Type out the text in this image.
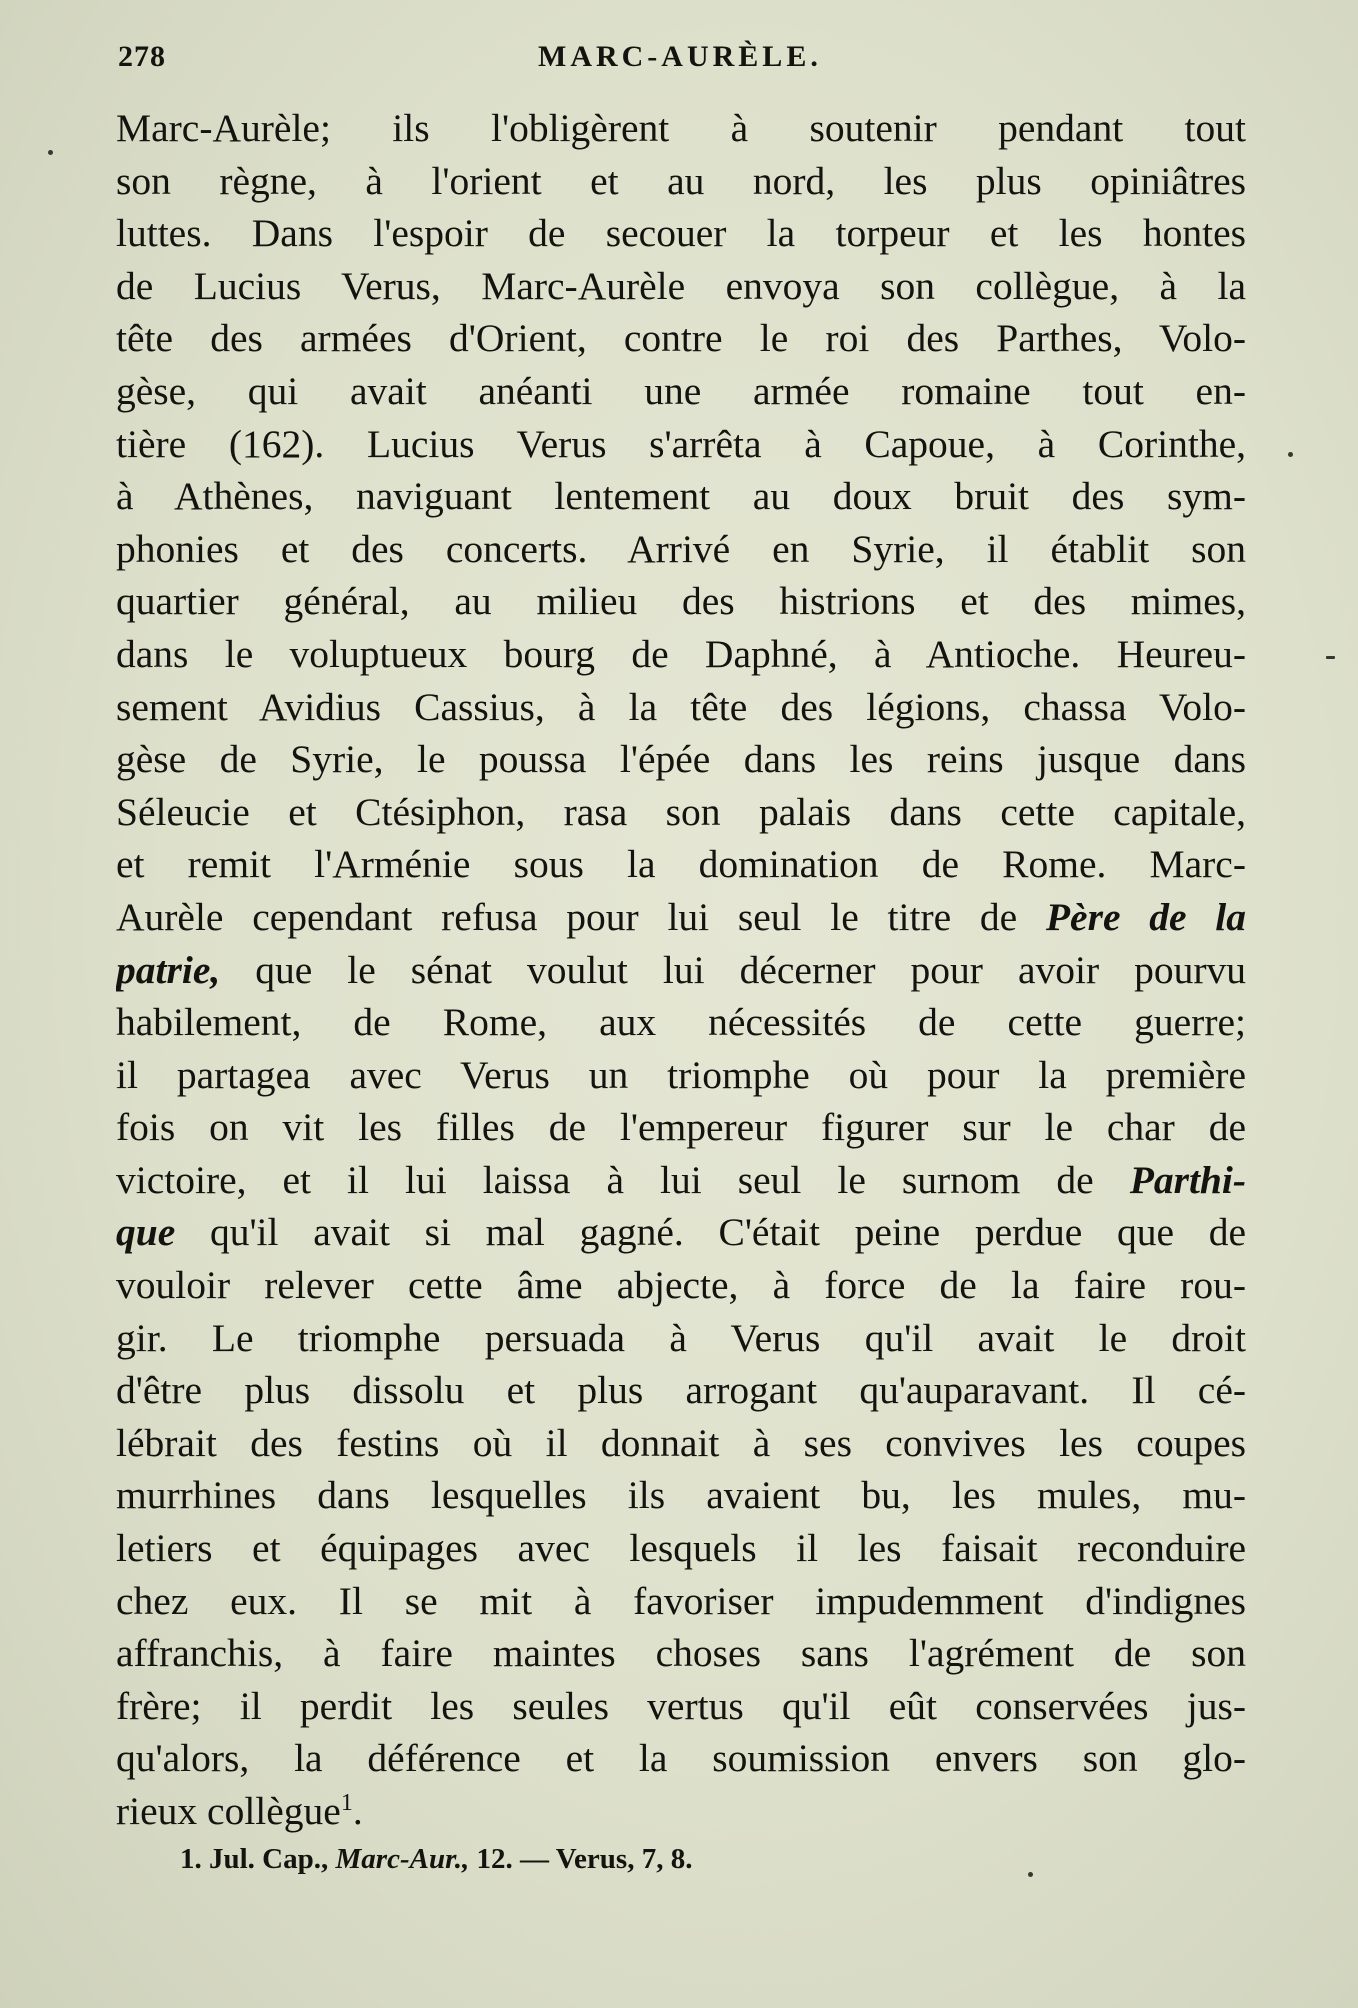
278	MARC-AURÈLE.
Marc-Aurèle; ils l'obligèrent à soutenir pendant tout
son règne, à l'orient et au nord, les plus opiniâtres
luttes. Dans l'espoir de secouer la torpeur et les hontes
de Lucius Verus, Marc-Aurèle envoya son collègue, à la
tête des armées d'Orient, contre le roi des Parthes, Volo-
gèse, qui avait anéanti une armée romaine tout en-
tière (162). Lucius Verus s'arrêta à Capoue, à Corinthe,
à Athènes, naviguant lentement au doux bruit des sym-
phonies et des concerts. Arrivé en Syrie, il établit son
quartier général, au milieu des histrions et des mimes,
dans le voluptueux bourg de Daphné, à Antioche. Heureu-
sement Avidius Cassius, à la tête des légions, chassa Volo-
gèse de Syrie, le poussa l'épée dans les reins jusque dans
Séleucie et Ctésiphon, rasa son palais dans cette capitale,
et remit l'Arménie sous la domination de Rome. Marc-
Aurèle cependant refusa pour lui seul le titre de Père de la
patrie, que le sénat voulut lui décerner pour avoir pourvu
habilement, de Rome, aux nécessités de cette guerre;
il partagea avec Verus un triomphe où pour la première
fois on vit les filles de l'empereur figurer sur le char de
victoire, et il lui laissa à lui seul le surnom de Parthi-
que qu'il avait si mal gagné. C'était peine perdue que de
vouloir relever cette âme abjecte, à force de la faire rou-
gir. Le triomphe persuada à Verus qu'il avait le droit
d'être plus dissolu et plus arrogant qu'auparavant. Il cé-
lébrait des festins où il donnait à ses convives les coupes
murrhines dans lesquelles ils avaient bu, les mules, mu-
letiers et équipages avec lesquels il les faisait reconduire
chez eux. Il se mit à favoriser impudemment d'indignes
affranchis, à faire maintes choses sans l'agrément de son
frère; il perdit les seules vertus qu'il eût conservées jus-
qu'alors, la déférence et la soumission envers son glo-
rieux collègue$^1$.
1. Jul. Cap., Marc-Aur., 12. — Verus, 7, 8.
